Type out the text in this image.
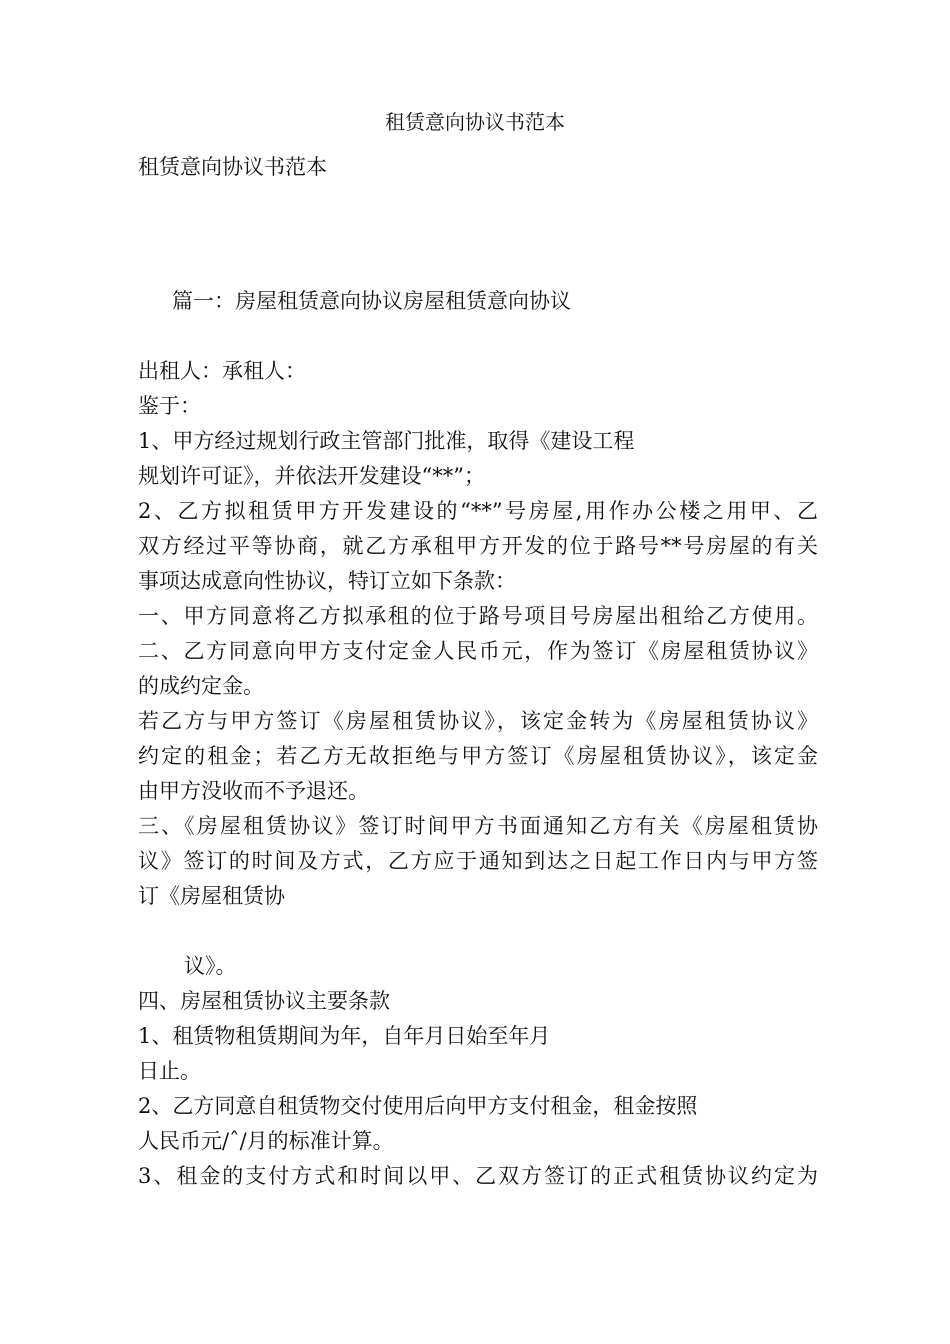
租赁意向协议书范本
租赁意向协议书范本
篇一：房屋租赁意向协议房屋租赁意向协议
出租人：承租人：
鉴于：
1、甲方经过规划行政主管部门批准，取得《建设工程
规划许可证》，并依法开发建设“**”；
2、乙方拟租赁甲方开发建设的“**”号房屋,用作办公楼之用甲、乙
双方经过平等协商，就乙方承租甲方开发的位于路号**号房屋的有关
事项达成意向性协议，特订立如下条款：
一、甲方同意将乙方拟承租的位于路号项目号房屋出租给乙方使用。
二、乙方同意向甲方支付定金人民币元，作为签订《房屋租赁协议》
的成约定金。
若乙方与甲方签订《房屋租赁协议》，该定金转为《房屋租赁协议》
约定的租金；若乙方无故拒绝与甲方签订《房屋租赁协议》，该定金
由甲方没收而不予退还。
三、《房屋租赁协议》签订时间甲方书面通知乙方有关《房屋租赁协
议》签订的时间及方式，乙方应于通知到达之日起工作日内与甲方签
订《房屋租赁协
议》。
四、房屋租赁协议主要条款
1、租赁物租赁期间为年，自年月日始至年月
日止。
2、乙方同意自租赁物交付使用后向甲方支付租金，租金按照
人民币元/ˆ/月的标准计算。
3、租金的支付方式和时间以甲、乙双方签订的正式租赁协议约定为
